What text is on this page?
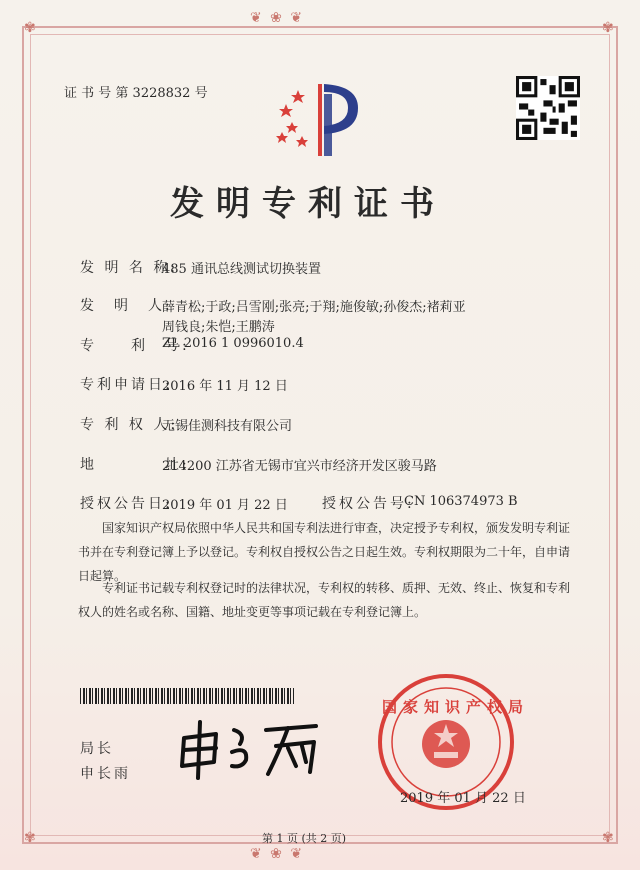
❦ ❀ ❦
✾	✾
✾	✾
❦ ❀ ❦
证 书 号 第 3228832 号
发明专利证书
发 明 名 称:
485 通讯总线测试切换装置
发　明　人:
薛青松;于政;吕雪刚;张亮;于翔;施俊敏;孙俊杰;褚莉亚
周钱良;朱恺;王鹏涛
专　　利　号:
ZL 2016 1 0996010.4
专利申请日:
2016 年 11 月 12 日
专 利 权 人:
无锡佳测科技有限公司
地　　　　址:
214200 江苏省无锡市宜兴市经济开发区骏马路
授权公告日:
2019 年 01 月 22 日 授权公告号:
CN 106374973 B
国家知识产权局依照中华人民共和国专利法进行审查，决定授予专利权，颁发发明专利证书并在专利登记簿上予以登记。专利权自授权公告之日起生效。专利权期限为二十年，自申请日起算。
专利证书记载专利权登记时的法律状况，专利权的转移、质押、无效、终止、恢复和专利权人的姓名或名称、国籍、地址变更等事项记载在专利登记簿上。
局长
申长雨
国家知识产权局
2019 年 01 月 22 日
第 1 页 (共 2 页)
